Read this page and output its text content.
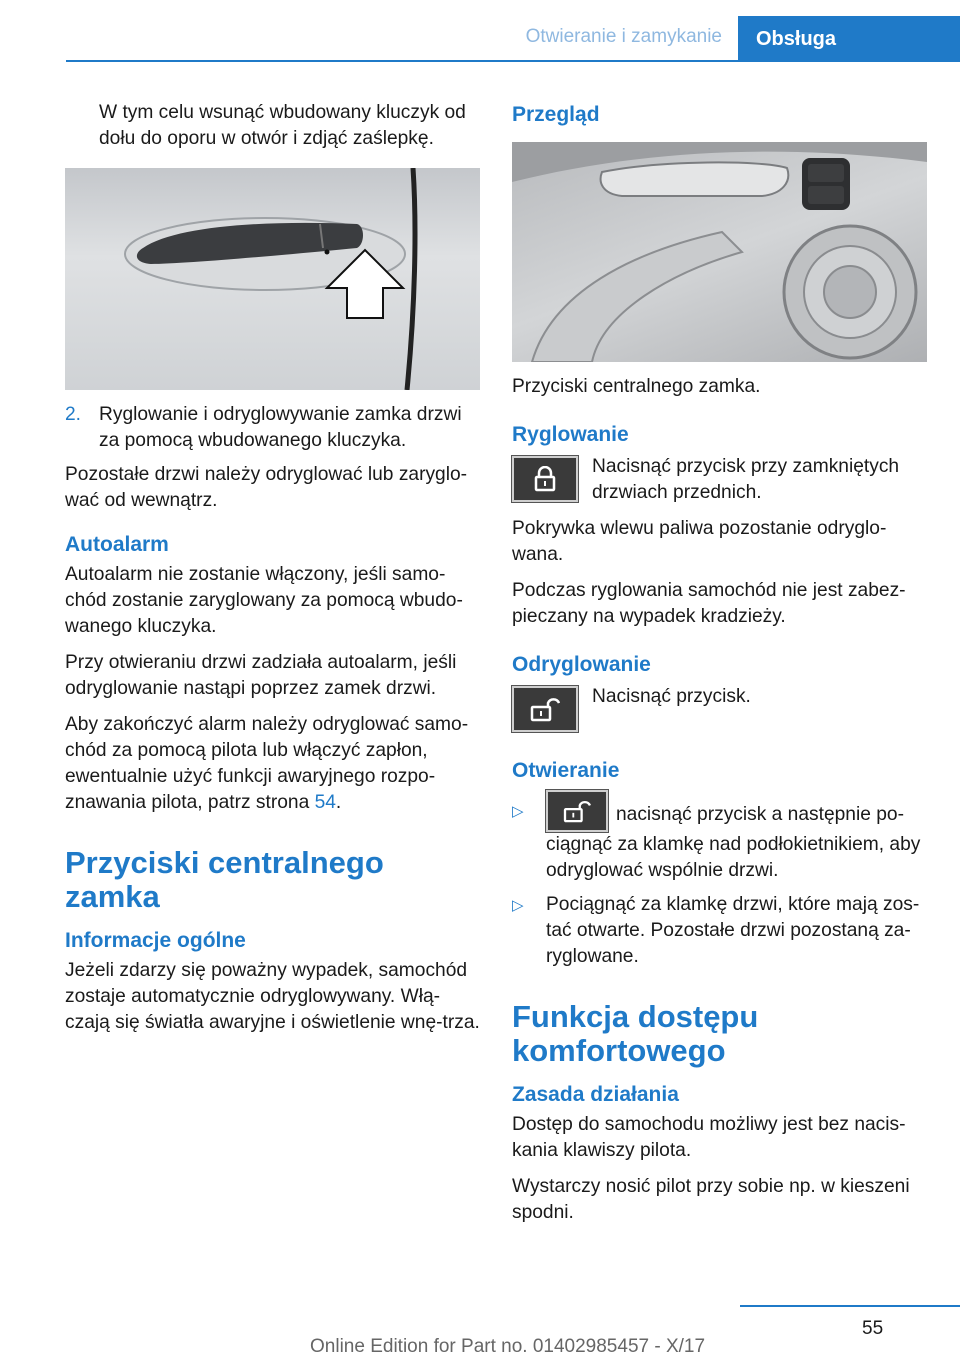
Otwieranie i zamykanie Obsługa

W tym celu wsunąć wbudowany kluczyk od dołu do oporu w otwór i zdjąć zaślepkę.

2. Ryglowanie i odryglowywanie zamka drzwi za pomocą wbudowanego kluczyka.

Pozostałe drzwi należy odryglować lub zaryglo-wać od wewnątrz.

Autoalarm

Autoalarm nie zostanie włączony, jeśli samo-chód zostanie zaryglowany za pomocą wbudo-wanego kluczyka.

Przy otwieraniu drzwi zadziała autoalarm, jeśli odryglowanie nastąpi poprzez zamek drzwi.

Aby zakończyć alarm należy odryglować samo-chód za pomocą pilota lub włączyć zapłon, ewentualnie użyć funkcji awaryjnego rozpo-znawania pilota, patrz strona 54.

Przyciski centralnego zamka
Informacje ogólne

Jeżeli zdarzy się poważny wypadek, samochód zostaje automatycznie odryglowywany. Włą-czają się światła awaryjne i oświetlenie wnę-trza.

Przegląd

Przyciski centralnego zamka.

Ryglowanie

Nacisnąć przycisk przy zamkniętych drzwiach przednich.

Pokrywka wlewu paliwa pozostanie odryglo-wana.

Podczas ryglowania samochód nie jest zabez-pieczany na wypadek kradzieży.

Odryglowanie

Nacisnąć przycisk.

Otwieranie
▷	nacisnąć przycisk a następnie po-ciągnąć za klamkę nad podłokietnikiem, aby odryglować wspólnie drzwi.
▷	Pociągnąć za klamkę drzwi, które mają zos-tać otwarte. Pozostałe drzwi pozostaną za-ryglowane.
Funkcja dostępu komfortowego
Zasada działania

Dostęp do samochodu możliwy jest bez nacis-kania klawiszy pilota.

Wystarczy nosić pilot przy sobie np. w kieszeni spodni.

55
Online Edition for Part no. 01402985457 - X/17
